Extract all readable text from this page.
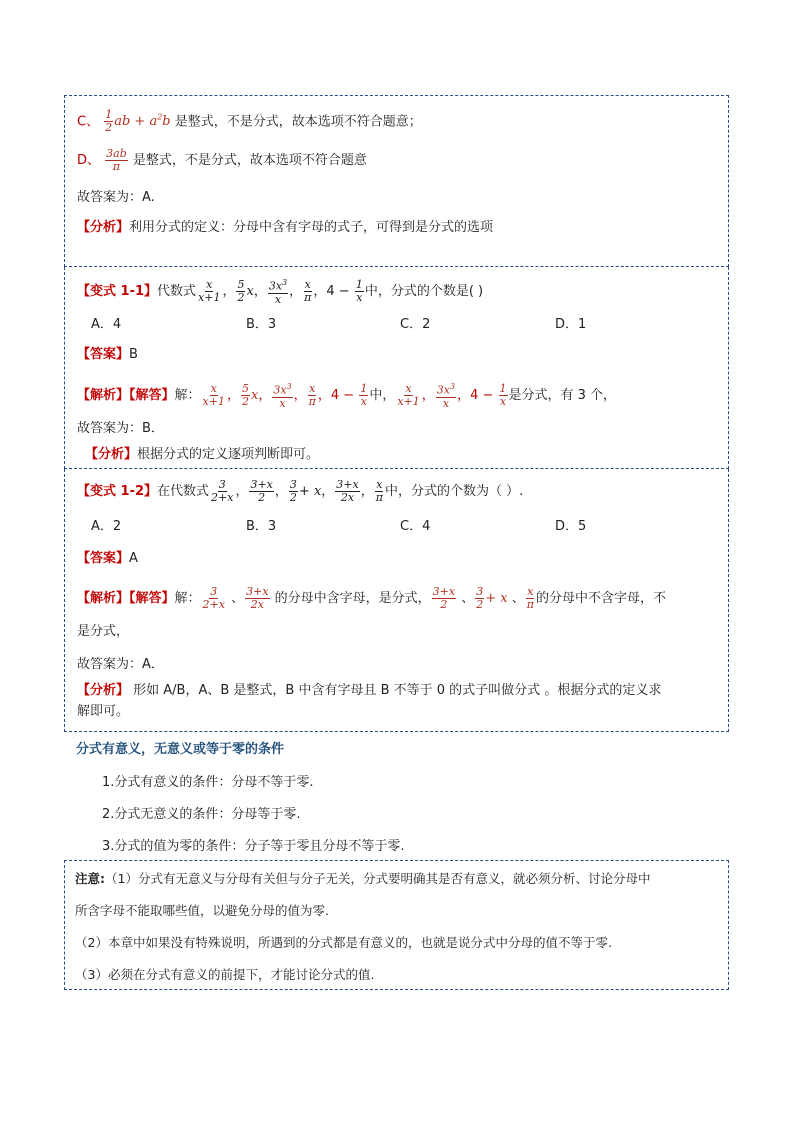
C、 $\frac{1}{2}$ ab + $a^2b$ 是整式，不是分式，故本选项不符合题意；
D、 $\frac{3ab}{\pi}$ 是整式，不是分式，故本选项不符合题意
故答案为：A.
【分析】利用分式的定义：分母中含有字母的式子，可得到是分式的选项
【变式 1-1】代数式 $\frac{x}{x+1}$ ， $\frac{5}{2}$ x， $\frac{3x^3}{x}$ ， $\frac{x}{\pi}$ ，$4 - \frac{1}{x}$ 中，分式的个数是( )
A．4	B．3	C．2	D．1
【答案】B
【解析】【解答】解： $\frac{x}{x+1}$ ， $\frac{5}{2}$ x， $\frac{3x^3}{x}$ ， $\frac{x}{\pi}$ ，$4 - \frac{1}{x}$ 中， $\frac{x}{x+1}$ ， $\frac{3x^3}{x}$ ，$4 - \frac{1}{x}$ 是分式，有 3 个，
故答案为：B．
【分析】根据分式的定义逐项判断即可。
【变式 1-2】在代数式 $\frac{3}{2+x}$ ， $\frac{3+x}{2}$ ， $\frac{3}{2} + x$， $\frac{3+x}{2x}$ ， $\frac{x}{\pi}$ 中，分式的个数为（ ）.
A．2	B．3	C．4	D．5
【答案】A
【解析】【解答】解： $\frac{3}{2+x}$ 、 $\frac{3+x}{2x}$ 的分母中含字母，是分式， $\frac{3+x}{2}$ 、 $\frac{3}{2} + x$ 、 $\frac{x}{\pi}$ 的分母中不含字母，不
是分式，
故答案为：A．
【分析】 形如 A/B，A、B 是整式，B 中含有字母且 B 不等于 0 的式子叫做分式 。根据分式的定义求
解即可。
分式有意义，无意义或等于零的条件
1.分式有意义的条件：分母不等于零.
2.分式无意义的条件：分母等于零.
3.分式的值为零的条件：分子等于零且分母不等于零.
注意:（1）分式有无意义与分母有关但与分子无关，分式要明确其是否有意义，就必须分析、讨论分母中
所含字母不能取哪些值，以避免分母的值为零.
（2）本章中如果没有特殊说明，所遇到的分式都是有意义的，也就是说分式中分母的值不等于零.
（3）必须在分式有意义的前提下，才能讨论分式的值.
